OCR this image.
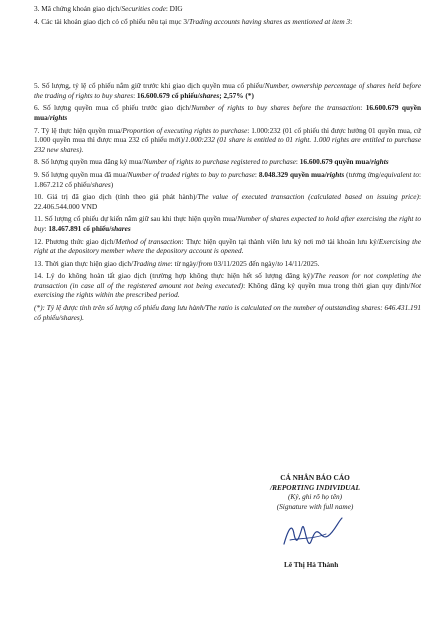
3. Mã chứng khoán giao dịch/Securities code: DIG

4. Các tài khoản giao dịch có cổ phiếu nêu tại mục 3/Trading accounts having shares as mentioned at item 3:

5. Số lượng, tỷ lệ cổ phiếu nắm giữ trước khi giao dịch quyền mua cổ phiếu/Number, ownership percentage of shares held before the trading of rights to buy shares: 16.600.679 cổ phiếu/shares; 2,57% (*)

6. Số lượng quyền mua cổ phiếu trước giao dịch/Number of rights to buy shares before the transaction: 16.600.679 quyền mua/rights

7. Tỷ lệ thực hiện quyền mua/Proportion of executing rights to purchase: 1.000:232 (01 cổ phiếu thì được hưởng 01 quyền mua, cứ 1.000 quyền mua thì được mua 232 cổ phiếu mới)/1.000:232 (01 share is entitled to 01 right. 1.000 rights are entitled to purchase 232 new shares).

8. Số lượng quyền mua đăng ký mua/Number of rights to purchase registered to purchase: 16.600.679 quyền mua/rights

9. Số lượng quyền mua đã mua/Number of traded rights to buy to purchase: 8.048.329 quyền mua/rights (tương ứng/equivalent to: 1.867.212 cổ phiếu/shares)

10. Giá trị đã giao dịch (tính theo giá phát hành)/The value of executed transaction (calculated based on issuing price): 22.406.544.000 VND

11. Số lượng cổ phiếu dự kiến nắm giữ sau khi thực hiện quyền mua/Number of shares expected to hold after exercising the right to buy: 18.467.891 cổ phiếu/shares

12. Phương thức giao dịch/Method of transaction: Thực hiện quyền tại thành viên lưu ký nơi mở tài khoản lưu ký/Exercising the right at the depository member where the depository account is opened.

13. Thời gian thực hiện giao dịch/Trading time: từ ngày/from 03/11/2025 đến ngày/to 14/11/2025.

14. Lý do không hoàn tất giao dịch (trường hợp không thực hiện hết số lượng đăng ký)/The reason for not completing the transaction (in case all of the registered amount not being executed): Không đăng ký quyền mua trong thời gian quy định/Not exercising the rights within the prescribed period.

(*): Tỷ lệ được tính trên số lượng cổ phiếu đang lưu hành/The ratio is calculated on the number of outstanding shares: 646.431.191 cổ phiếu/shares).

CÁ NHÂN BÁO CÁO
/REPORTING INDIVIDUAL
(Ký, ghi rõ họ tên)
(Signature with full name)
Lê Thị Hà Thành
